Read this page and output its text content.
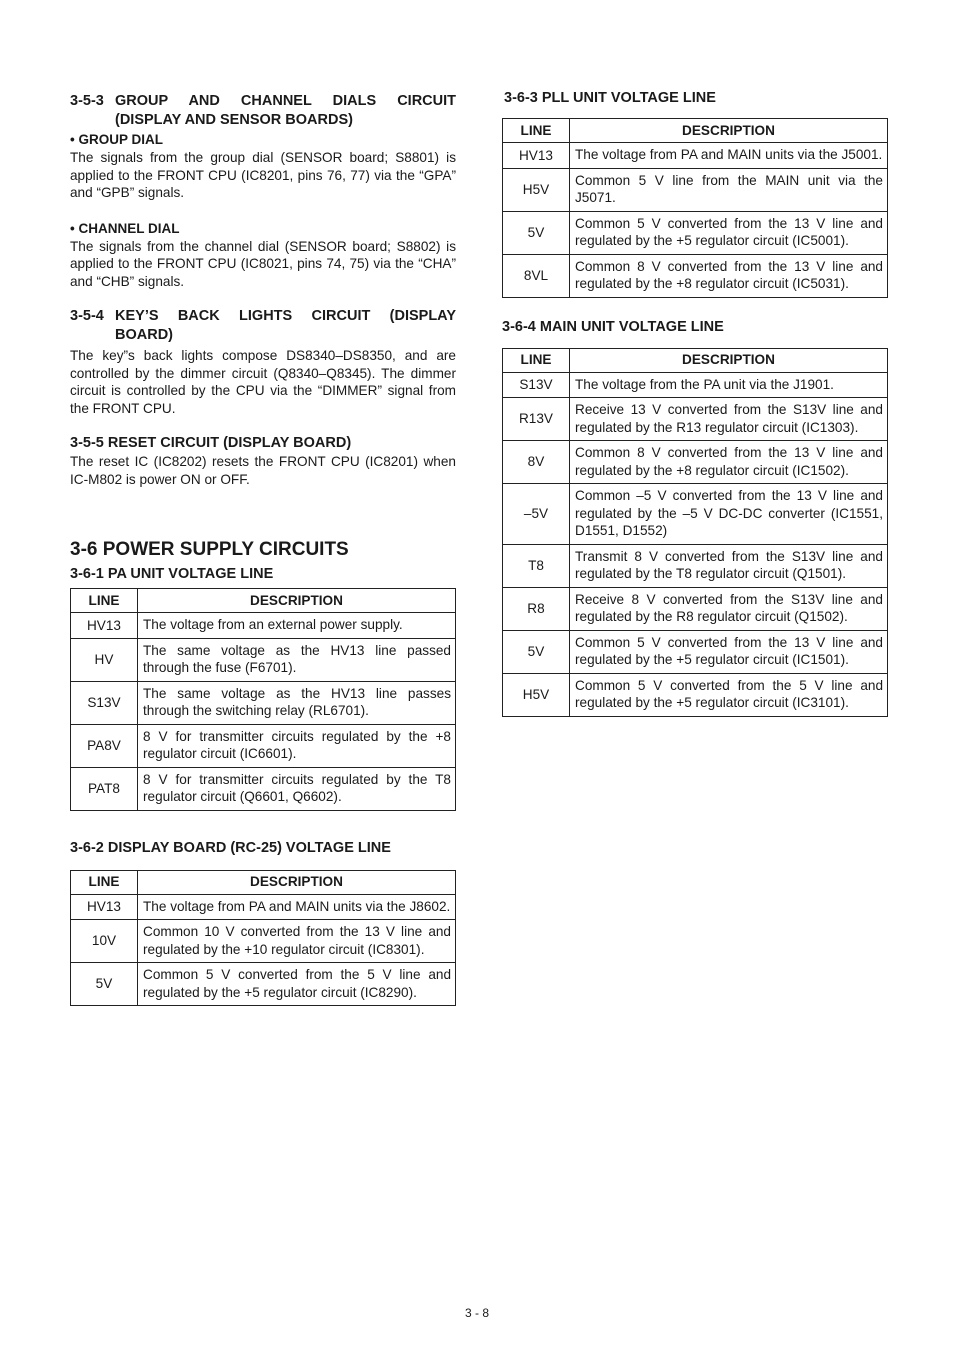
3-5-3 GROUP AND CHANNEL DIALS CIRCUIT
(DISPLAY AND SENSOR BOARDS)
• GROUP DIAL

The signals from the group dial (SENSOR board; S8801) is applied to the FRONT CPU (IC8201, pins 76, 77) via the “GPA” and “GPB” signals.

• CHANNEL DIAL

The signals from the channel dial (SENSOR board; S8802) is applied to the FRONT CPU (IC8021, pins 74, 75) via the “CHA” and “CHB” signals.

3-5-4 KEY’S BACK LIGHTS CIRCUIT (DISPLAY
BOARD)

The key”s back lights compose DS8340–DS8350, and are controlled by the dimmer circuit (Q8340–Q8345). The dimmer circuit is controlled by the CPU via the “DIMMER” signal from the FRONT CPU.

3-5-5 RESET CIRCUIT (DISPLAY BOARD)

The reset IC (IC8202) resets the FRONT CPU (IC8201) when IC-M802 is power ON or OFF.

3-6 POWER SUPPLY CIRCUITS
3-6-1 PA UNIT VOLTAGE LINE
LINE	DESCRIPTION
HV13	The voltage from an external power supply.
HV	The same voltage as the HV13 line passed through the fuse (F6701).
S13V	The same voltage as the HV13 line passes through the switching relay (RL6701).
PA8V	8 V for transmitter circuits regulated by the +8 regulator circuit (IC6601).
PAT8	8 V for transmitter circuits regulated by the T8 regulator circuit (Q6601, Q6602).
3-6-2 DISPLAY BOARD (RC-25) VOLTAGE LINE
LINE	DESCRIPTION
HV13	The voltage from PA and MAIN units via the J8602.
10V	Common 10 V converted from the 13 V line and regulated by the +10 regulator circuit (IC8301).
5V	Common 5 V converted from the 5 V line and regulated by the +5 regulator circuit (IC8290).
3-6-3 PLL UNIT VOLTAGE LINE
LINE	DESCRIPTION
HV13	The voltage from PA and MAIN units via the J5001.
H5V	Common 5 V line from the MAIN unit via the J5071.
5V	Common 5 V converted from the 13 V line and regulated by the +5 regulator circuit (IC5001).
8VL	Common 8 V converted from the 13 V line and regulated by the +8 regulator circuit (IC5031).
3-6-4 MAIN UNIT VOLTAGE LINE
LINE	DESCRIPTION
S13V	The voltage from the PA unit via the J1901.
R13V	Receive 13 V converted from the S13V line and regulated by the R13 regulator circuit (IC1303).
8V	Common 8 V converted from the 13 V line and regulated by the +8 regulator circuit (IC1502).
–5V	Common –5 V converted from the 13 V line and regulated by the –5 V DC-DC converter (IC1551, D1551, D1552)
T8	Transmit 8 V converted from the S13V line and regulated by the T8 regulator circuit (Q1501).
R8	Receive 8 V converted from the S13V line and regulated by the R8 regulator circuit (Q1502).
5V	Common 5 V converted from the 13 V line and regulated by the +5 regulator circuit (IC1501).
H5V	Common 5 V converted from the 5 V line and regulated by the +5 regulator circuit (IC3101).
3 - 8
